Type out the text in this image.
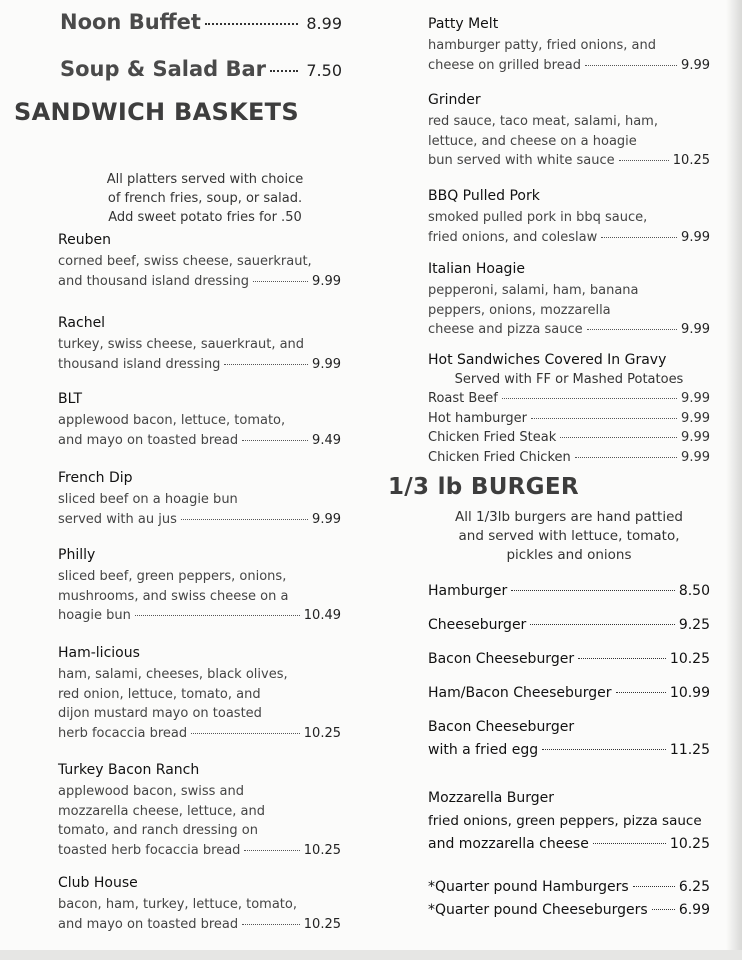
Noon Buffet	8.99
Soup & Salad Bar	7.50
SANDWICH BASKETS
All platters served with choice
of french fries, soup, or salad.
Add sweet potato fries for .50
Reuben
corned beef, swiss cheese, sauerkraut,
and thousand island dressing	9.99
Rachel
turkey, swiss cheese, sauerkraut, and
thousand island dressing	9.99
BLT
applewood bacon, lettuce, tomato,
and mayo on toasted bread	9.49
French Dip
sliced beef on a hoagie bun
served with au jus	9.99
Philly
sliced beef, green peppers, onions,
mushrooms, and swiss cheese on a
hoagie bun	10.49
Ham-licious
ham, salami, cheeses, black olives,
red onion, lettuce, tomato, and
dijon mustard mayo on toasted
herb focaccia bread	10.25
Turkey Bacon Ranch
applewood bacon, swiss and
mozzarella cheese, lettuce, and
tomato, and ranch dressing on
toasted herb focaccia bread	10.25
Club House
bacon, ham, turkey, lettuce, tomato,
and mayo on toasted bread	10.25
Patty Melt
hamburger patty, fried onions, and
cheese on grilled bread	9.99
Grinder
red sauce, taco meat, salami, ham,
lettuce, and cheese on a hoagie
bun served with white sauce	10.25
BBQ Pulled Pork
smoked pulled pork in bbq sauce,
fried onions, and coleslaw	9.99
Italian Hoagie
pepperoni, salami, ham, banana
peppers, onions, mozzarella
cheese and pizza sauce	9.99
Hot Sandwiches Covered In Gravy
Served with FF or Mashed Potatoes
Roast Beef	9.99
Hot hamburger	9.99
Chicken Fried Steak	9.99
Chicken Fried Chicken	9.99
1/3 lb BURGER
All 1/3lb burgers are hand pattied
and served with lettuce, tomato,
pickles and onions
Hamburger	8.50
Cheeseburger	9.25
Bacon Cheeseburger	10.25
Ham/Bacon Cheeseburger	10.99
Bacon Cheeseburger
with a fried egg	11.25
Mozzarella Burger
fried onions, green peppers, pizza sauce
and mozzarella cheese	10.25
*Quarter pound Hamburgers	6.25
*Quarter pound Cheeseburgers 6.99
